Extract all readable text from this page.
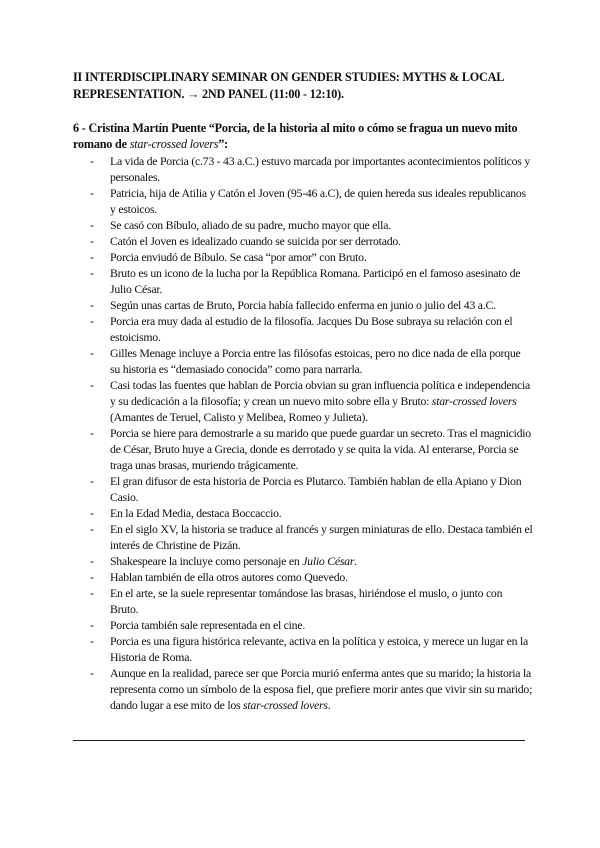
II INTERDISCIPLINARY SEMINAR ON GENDER STUDIES: MYTHS & LOCAL REPRESENTATION. → 2ND PANEL (11:00 - 12:10).
6 - Cristina Martín Puente “Porcia, de la historia al mito o cómo se fragua un nuevo mito romano de star-crossed lovers”:
- La vida de Porcia (c.73 - 43 a.C.) estuvo marcada por importantes acontecimientos políticos y personales.
- Patricia, hija de Atilia y Catón el Joven (95-46 a.C), de quien hereda sus ideales republicanos y estoicos.
- Se casó con Bíbulo, aliado de su padre, mucho mayor que ella.
- Catón el Joven es idealizado cuando se suicida por ser derrotado.
- Porcia enviudó de Bíbulo. Se casa “por amor” con Bruto.
- Bruto es un icono de la lucha por la República Romana. Participó en el famoso asesinato de Julio César.
- Según unas cartas de Bruto, Porcia había fallecido enferma en junio o julio del 43 a.C.
- Porcia era muy dada al estudio de la filosofía. Jacques Du Bose subraya su relación con el estoicismo.
- Gilles Menage incluye a Porcia entre las filósofas estoicas, pero no dice nada de ella porque su historia es “demasiado conocida” como para narrarla.
- Casi todas las fuentes que hablan de Porcia obvian su gran influencia política e independencia y su dedicación a la filosofía; y crean un nuevo mito sobre ella y Bruto: star-crossed lovers (Amantes de Teruel, Calisto y Melibea, Romeo y Julieta).
- Porcia se hiere para demostrarle a su marido que puede guardar un secreto. Tras el magnicidio de César, Bruto huye a Grecia, donde es derrotado y se quita la vida. Al enterarse, Porcia se traga unas brasas, muriendo trágicamente.
- El gran difusor de esta historia de Porcia es Plutarco. También hablan de ella Apiano y Dion Casio.
- En la Edad Media, destaca Boccaccio.
- En el siglo XV, la historia se traduce al francés y surgen miniaturas de ello. Destaca también el interés de Christine de Pizán.
- Shakespeare la incluye como personaje en Julio César.
- Hablan también de ella otros autores como Quevedo.
- En el arte, se la suele representar tomándose las brasas, hiriéndose el muslo, o junto con Bruto.
- Porcia también sale representada en el cine.
- Porcia es una figura histórica relevante, activa en la política y estoica, y merece un lugar en la Historia de Roma.
- Aunque en la realidad, parece ser que Porcia murió enferma antes que su marido; la historia la representa como un símbolo de la esposa fiel, que prefiere morir antes que vivir sin su marido; dando lugar a ese mito de los star-crossed lovers.
